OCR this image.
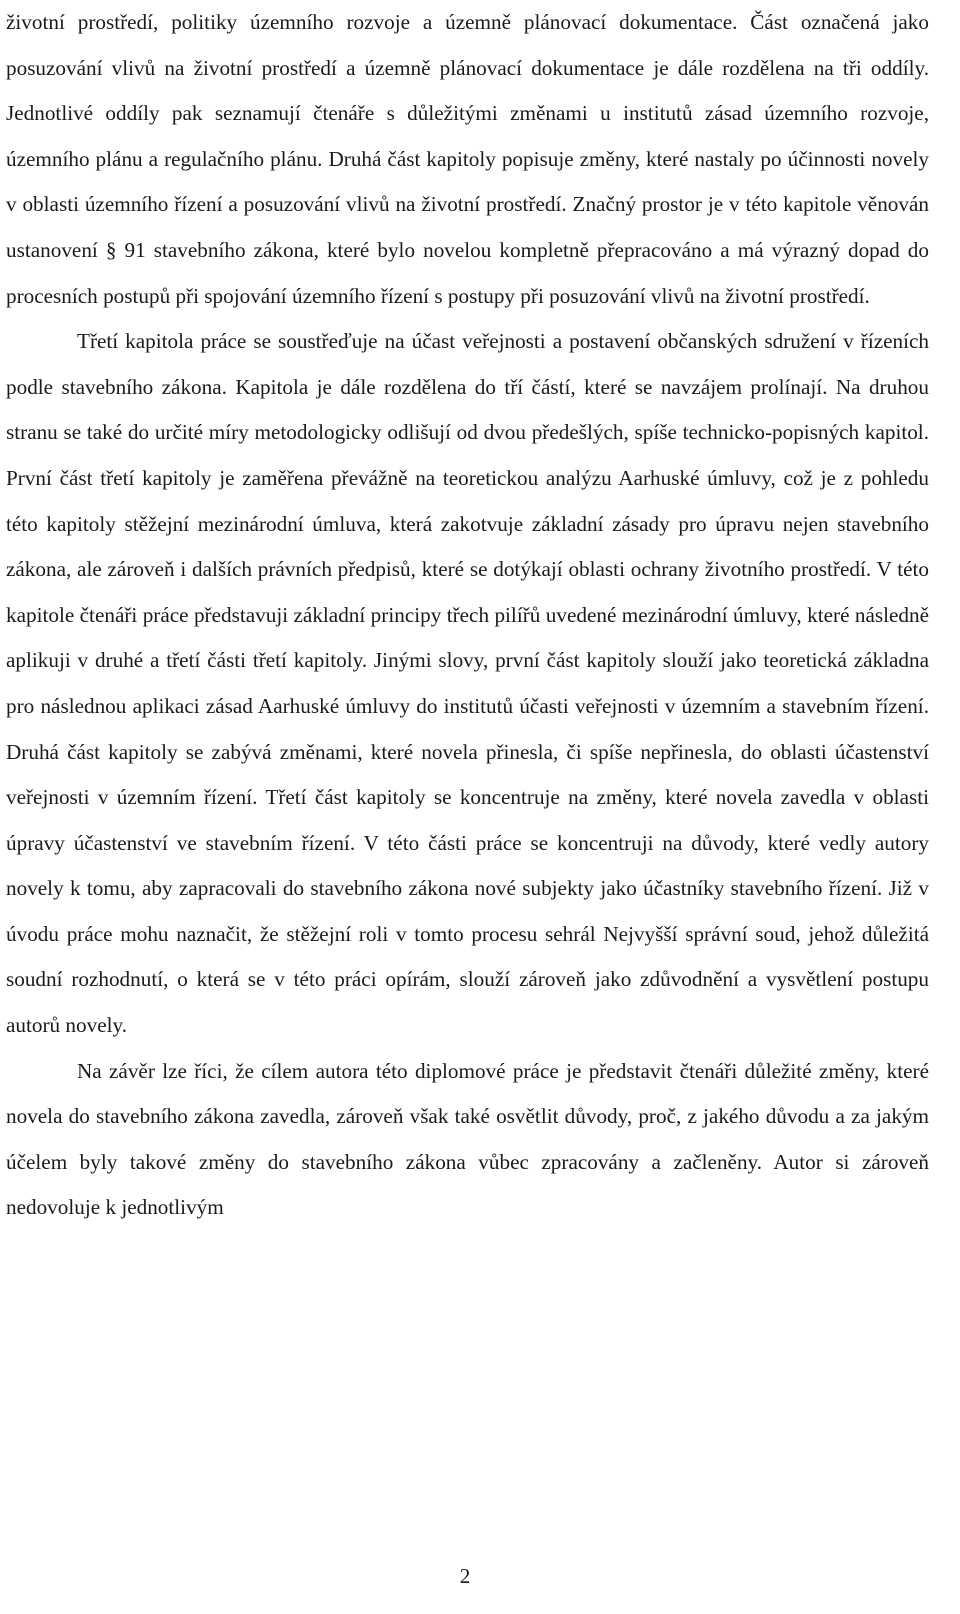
životní prostředí, politiky územního rozvoje a územně plánovací dokumentace. Část označená jako posuzování vlivů na životní prostředí a územně plánovací dokumentace je dále rozdělena na tři oddíly. Jednotlivé oddíly pak seznamují čtenáře s důležitými změnami u institutů zásad územního rozvoje, územního plánu a regulačního plánu. Druhá část kapitoly popisuje změny, které nastaly po účinnosti novely v oblasti územního řízení a posuzování vlivů na životní prostředí. Značný prostor je v této kapitole věnován ustanovení § 91 stavebního zákona, které bylo novelou kompletně přepracováno a má výrazný dopad do procesních postupů při spojování územního řízení s postupy při posuzování vlivů na životní prostředí.

Třetí kapitola práce se soustřeďuje na účast veřejnosti a postavení občanských sdružení v řízeních podle stavebního zákona. Kapitola je dále rozdělena do tří částí, které se navzájem prolínají. Na druhou stranu se také do určité míry metodologicky odlišují od dvou předešlých, spíše technicko-popisných kapitol. První část třetí kapitoly je zaměřena převážně na teoretickou analýzu Aarhuské úmluvy, což je z pohledu této kapitoly stěžejní mezinárodní úmluva, která zakotvuje základní zásady pro úpravu nejen stavebního zákona, ale zároveň i dalších právních předpisů, které se dotýkají oblasti ochrany životního prostředí. V této kapitole čtenáři práce představuji základní principy třech pilířů uvedené mezinárodní úmluvy, které následně aplikuji v druhé a třetí části třetí kapitoly. Jinými slovy, první část kapitoly slouží jako teoretická základna pro následnou aplikaci zásad Aarhuské úmluvy do institutů účasti veřejnosti v územním a stavebním řízení. Druhá část kapitoly se zabývá změnami, které novela přinesla, či spíše nepřinesla, do oblasti účastenství veřejnosti v územním řízení. Třetí část kapitoly se koncentruje na změny, které novela zavedla v oblasti úpravy účastenství ve stavebním řízení. V této části práce se koncentruji na důvody, které vedly autory novely k tomu, aby zapracovali do stavebního zákona nové subjekty jako účastníky stavebního řízení. Již v úvodu práce mohu naznačit, že stěžejní roli v tomto procesu sehrál Nejvyšší správní soud, jehož důležitá soudní rozhodnutí, o která se v této práci opírám, slouží zároveň jako zdůvodnění a vysvětlení postupu autorů novely.

Na závěr lze říci, že cílem autora této diplomové práce je představit čtenáři důležité změny, které novela do stavebního zákona zavedla, zároveň však také osvětlit důvody, proč, z jakého důvodu a za jakým účelem byly takové změny do stavebního zákona vůbec zpracovány a začleněny. Autor si zároveň nedovoluje k jednotlivým

2
